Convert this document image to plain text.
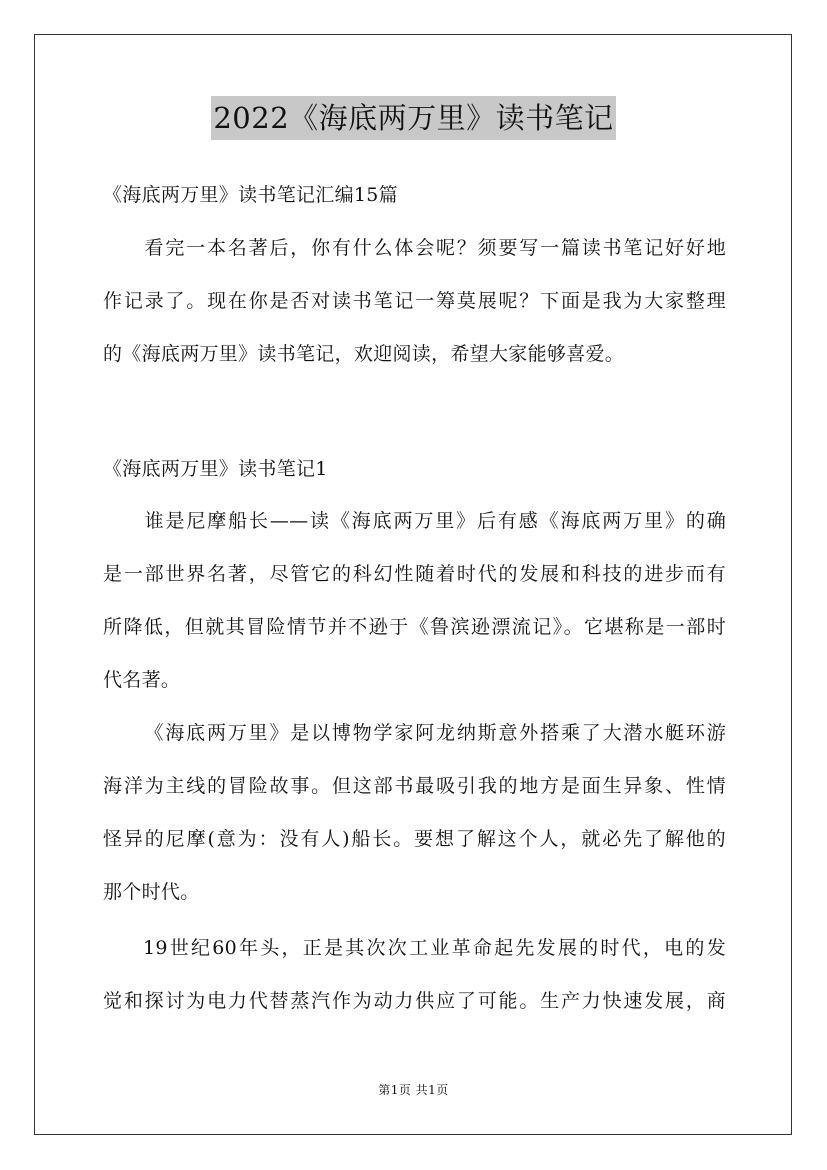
2022《海底两万里》读书笔记
《海底两万里》读书笔记汇编15篇
看完一本名著后，你有什么体会呢？须要写一篇读书笔记好好地
作记录了。现在你是否对读书笔记一筹莫展呢？下面是我为大家整理
的《海底两万里》读书笔记，欢迎阅读，希望大家能够喜爱。
《海底两万里》读书笔记1
谁是尼摩船长——读《海底两万里》后有感《海底两万里》的确
是一部世界名著，尽管它的科幻性随着时代的发展和科技的进步而有
所降低，但就其冒险情节并不逊于《鲁滨逊漂流记》。它堪称是一部时
代名著。
《海底两万里》是以博物学家阿龙纳斯意外搭乘了大潜水艇环游
海洋为主线的冒险故事。但这部书最吸引我的地方是面生异象、性情
怪异的尼摩(意为：没有人)船长。要想了解这个人，就必先了解他的
那个时代。
19世纪60年头，正是其次次工业革命起先发展的时代，电的发
觉和探讨为电力代替蒸汽作为动力供应了可能。生产力快速发展，商
第1页 共1页
